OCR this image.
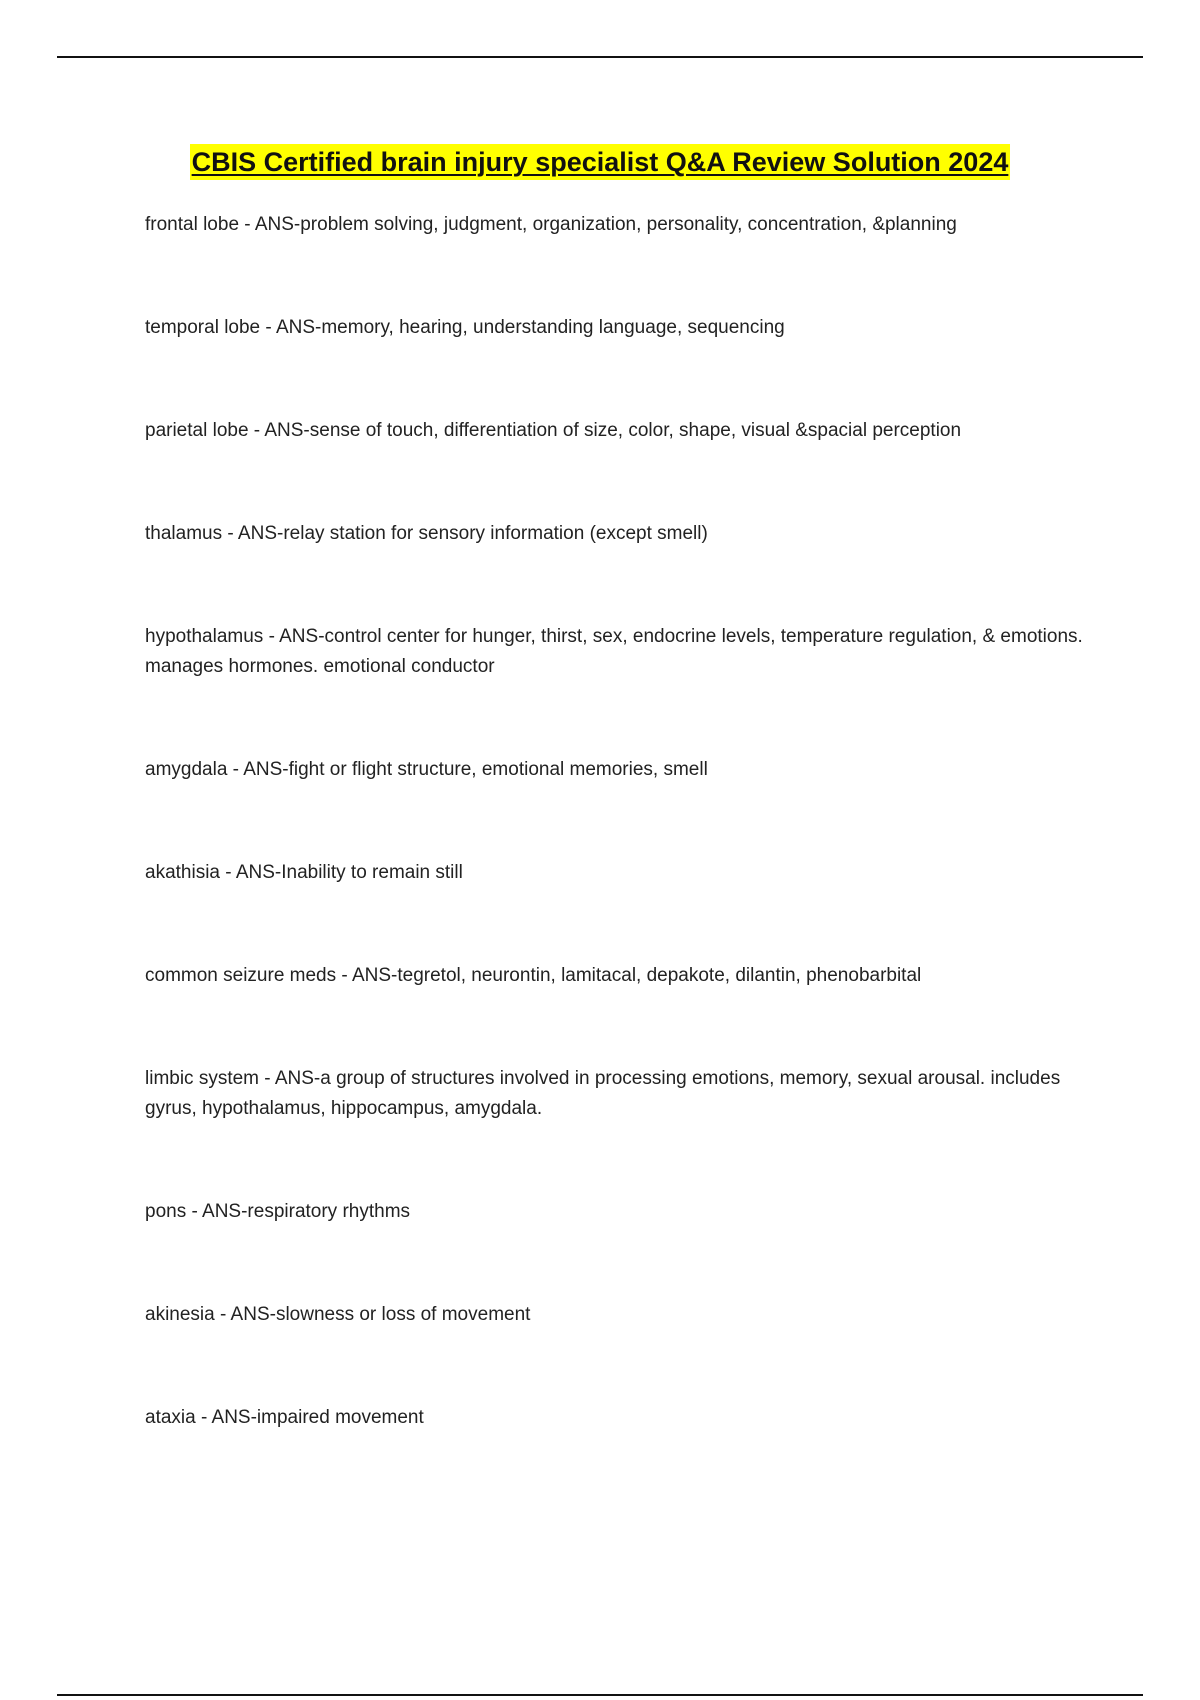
CBIS Certified brain injury specialist Q&A Review Solution 2024

frontal lobe - ANS-problem solving, judgment, organization, personality, concentration, &planning

temporal lobe - ANS-memory, hearing, understanding language, sequencing

parietal lobe - ANS-sense of touch, differentiation of size, color, shape, visual &spacial perception

thalamus - ANS-relay station for sensory information (except smell)

hypothalamus - ANS-control center for hunger, thirst, sex, endocrine levels, temperature regulation, & emotions. manages hormones. emotional conductor

amygdala - ANS-fight or flight structure, emotional memories, smell

akathisia - ANS-Inability to remain still

common seizure meds - ANS-tegretol, neurontin, lamitacal, depakote, dilantin, phenobarbital

limbic system - ANS-a group of structures involved in processing emotions, memory, sexual arousal. includes gyrus, hypothalamus, hippocampus, amygdala.

pons - ANS-respiratory rhythms

akinesia - ANS-slowness or loss of movement

ataxia - ANS-impaired movement
